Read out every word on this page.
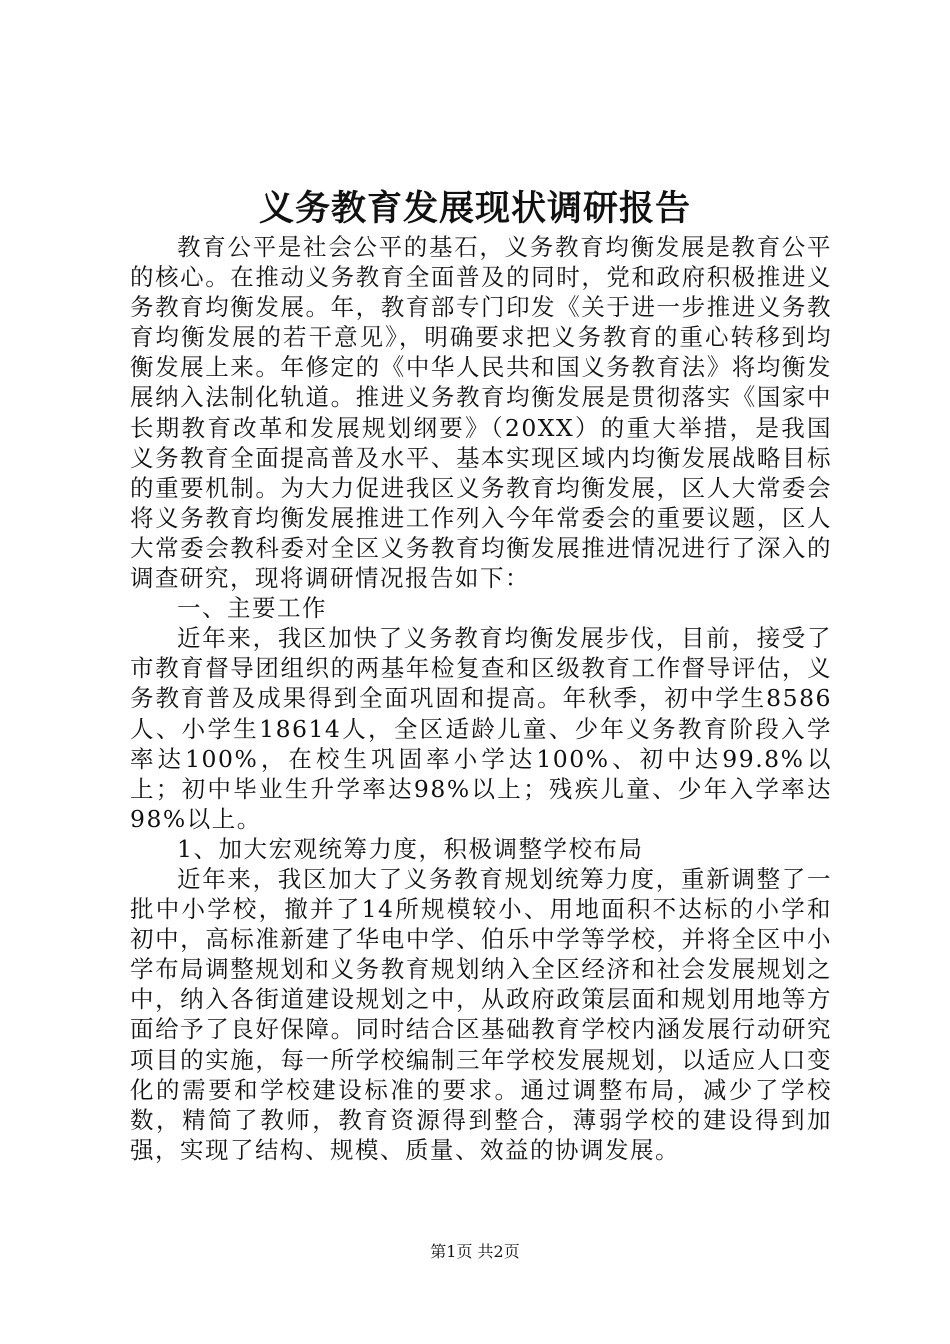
义务教育发展现状调研报告

教育公平是社会公平的基石，义务教育均衡发展是教育公平的核心。在推动义务教育全面普及的同时，党和政府积极推进义务教育均衡发展。年，教育部专门印发《关于进一步推进义务教育均衡发展的若干意见》，明确要求把义务教育的重心转移到均衡发展上来。年修定的《中华人民共和国义务教育法》将均衡发展纳入法制化轨道。推进义务教育均衡发展是贯彻落实《国家中长期教育改革和发展规划纲要》（20XX）的重大举措，是我国义务教育全面提高普及水平、基本实现区域内均衡发展战略目标的重要机制。为大力促进我区义务教育均衡发展，区人大常委会将义务教育均衡发展推进工作列入今年常委会的重要议题，区人大常委会教科委对全区义务教育均衡发展推进情况进行了深入的调查研究，现将调研情况报告如下：

一、主要工作

近年来，我区加快了义务教育均衡发展步伐，目前，接受了市教育督导团组织的两基年检复查和区级教育工作督导评估，义务教育普及成果得到全面巩固和提高。年秋季，初中学生8586人、小学生18614人，全区适龄儿童、少年义务教育阶段入学率达100%，在校生巩固率小学达100%、初中达99.8%以上；初中毕业生升学率达98%以上；残疾儿童、少年入学率达98%以上。

1、加大宏观统筹力度，积极调整学校布局

近年来，我区加大了义务教育规划统筹力度，重新调整了一批中小学校，撤并了14所规模较小、用地面积不达标的小学和初中，高标准新建了华电中学、伯乐中学等学校，并将全区中小学布局调整规划和义务教育规划纳入全区经济和社会发展规划之中，纳入各街道建设规划之中，从政府政策层面和规划用地等方面给予了良好保障。同时结合区基础教育学校内涵发展行动研究项目的实施，每一所学校编制三年学校发展规划，以适应人口变化的需要和学校建设标准的要求。通过调整布局，减少了学校数，精简了教师，教育资源得到整合，薄弱学校的建设得到加强，实现了结构、规模、质量、效益的协调发展。

第1页 共2页
